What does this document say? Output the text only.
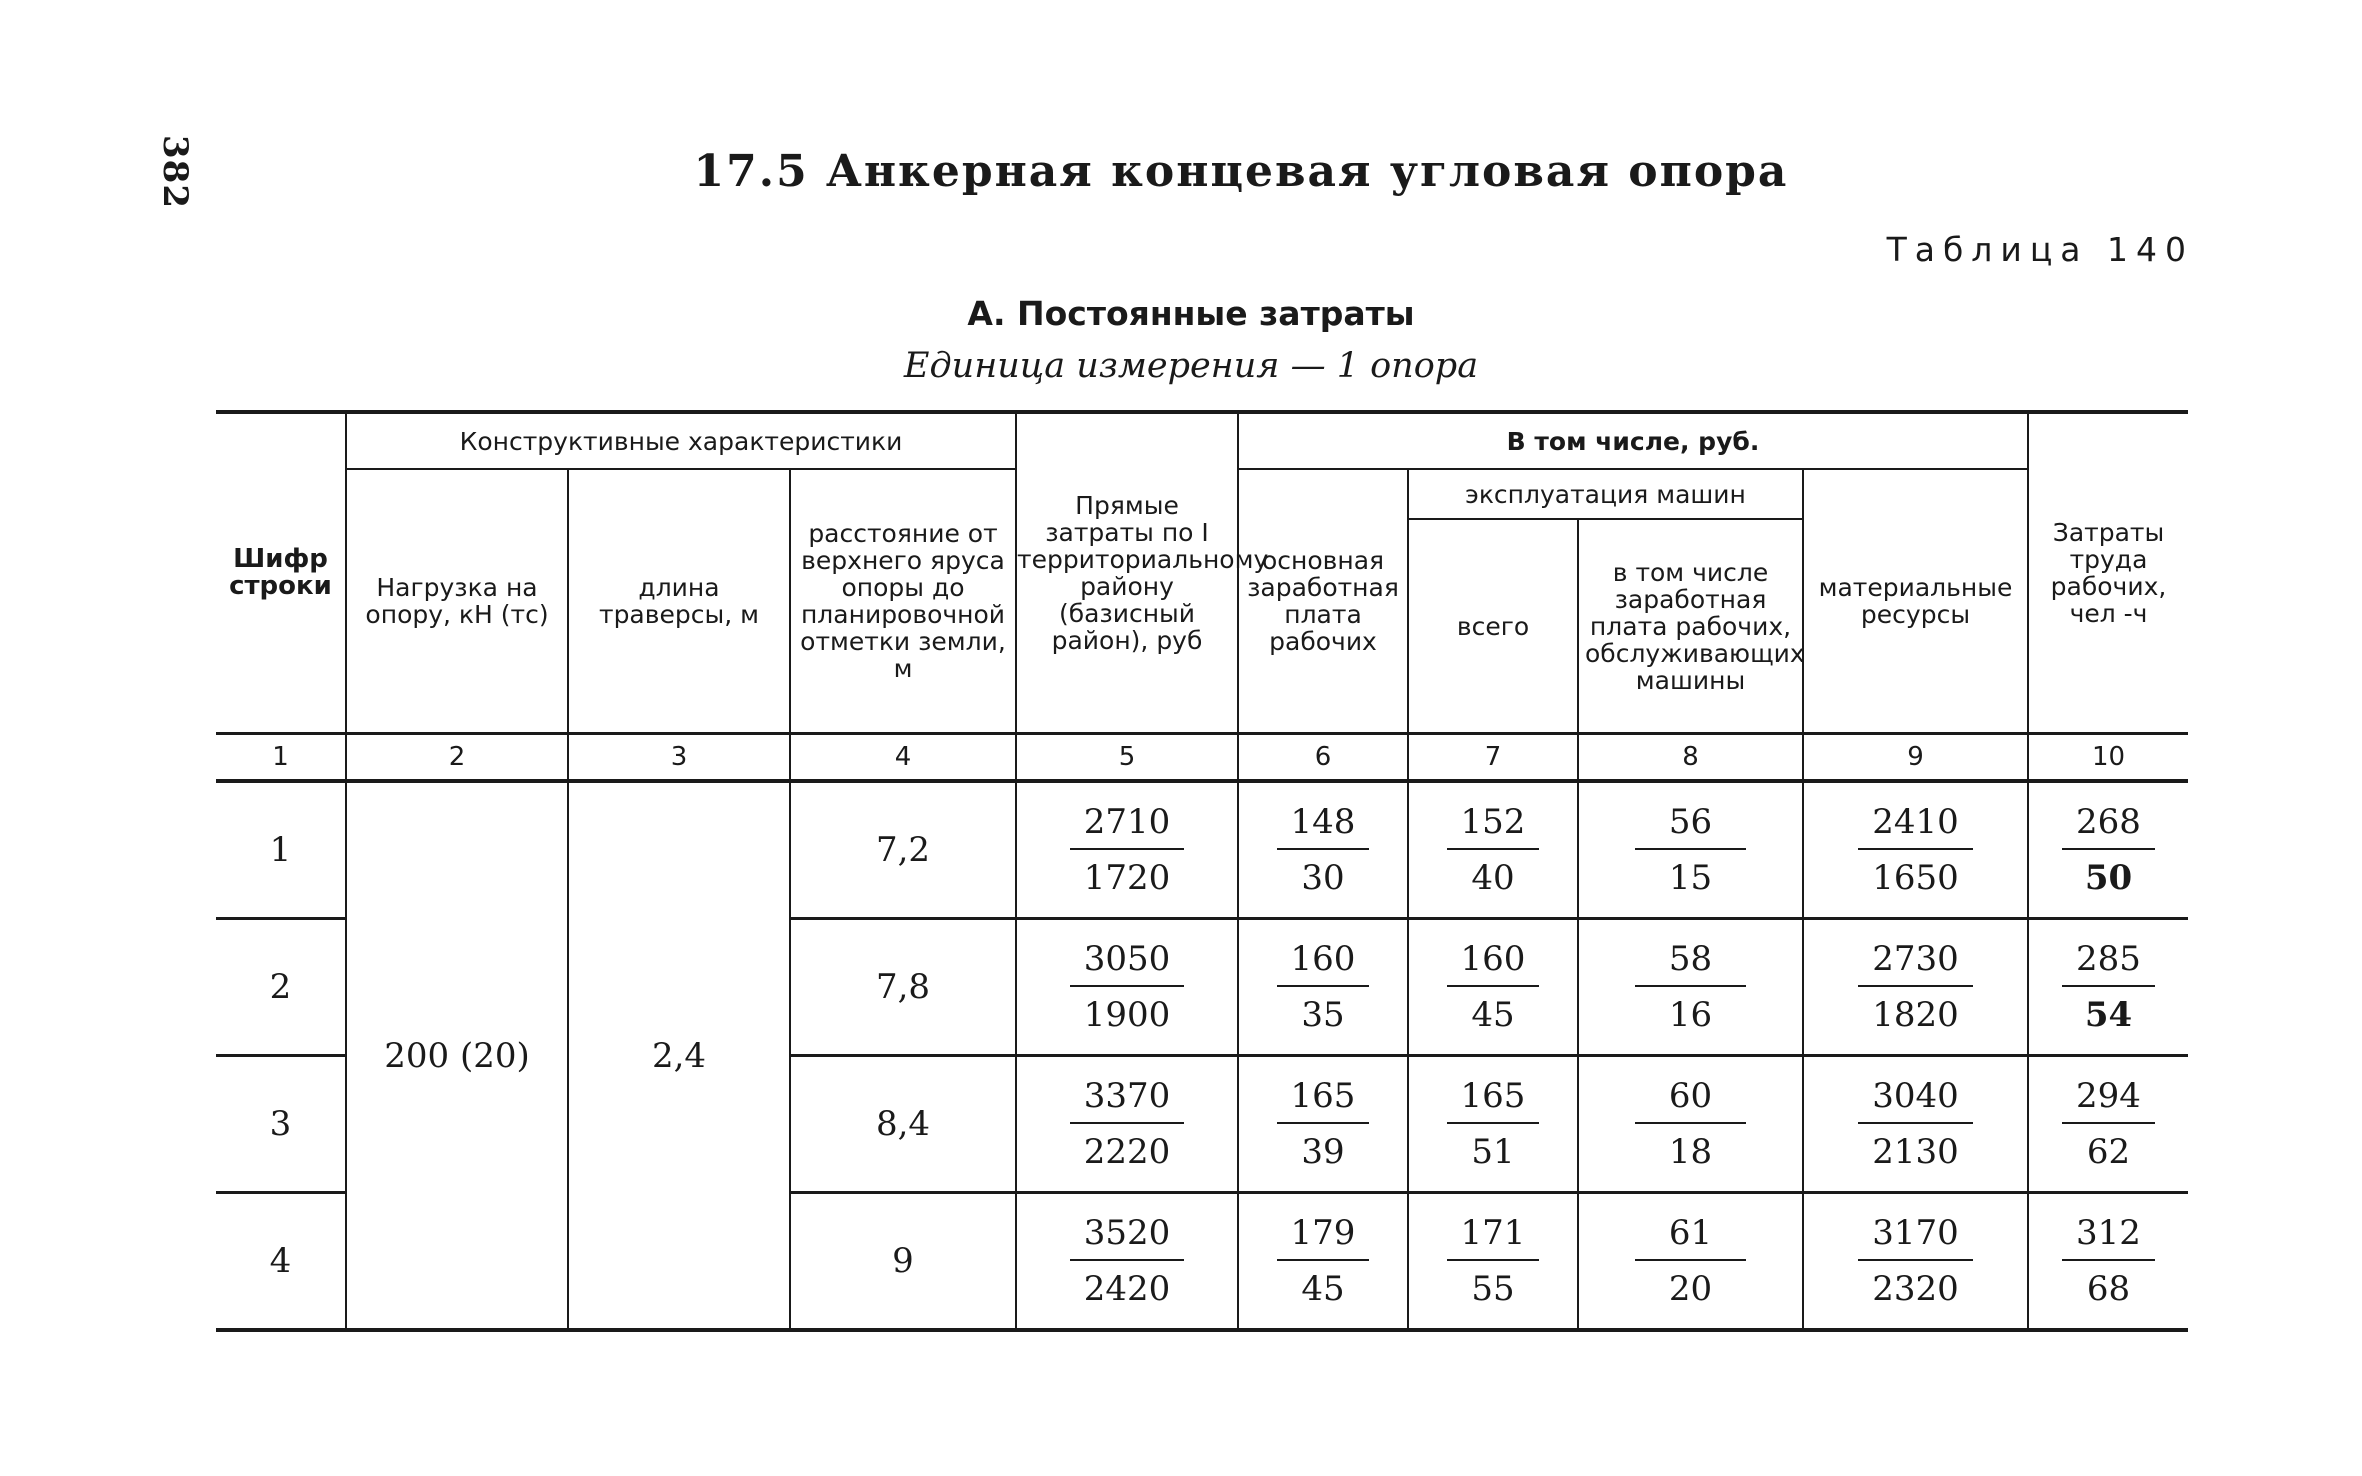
382	17.5 Анкерная концевая угловая опора
Таблица 140
А. Постоянные затраты
Единица измерения — 1 опора
Шифр строки	Конструктивные характеристики			Прямые затраты по I территориальному району (базисный район), руб	В том числе, руб.				Затраты труда рабочих, чел -ч
	Нагрузка на опору, кН (тс)	длина траверсы, м	расстояние от верхнего яруса опоры до планировочной отметки земли, м		основная заработная плата рабочих	эксплуатация машин		материальные ресурсы	
						всего	в том числе заработная плата рабочих, обслуживающих машины		
1	2	3	4	5	6	7	8	9	10
1	200 (20)	2,4	7,2	$\frac{2710}{1720}$	$\frac{148}{30}$	$\frac{152}{40}$	$\frac{56}{15}$	$\frac{2410}{1650}$	$\frac{268}{50}$

2			7,8	$\frac{3050}{1900}$	$\frac{160}{35}$	$\frac{160}{45}$	$\frac{58}{16}$	$\frac{2730}{1820}$	$\frac{285}{54}$

3			8,4	$\frac{3370}{2220}$	$\frac{165}{39}$	$\frac{165}{51}$	$\frac{60}{18}$	$\frac{3040}{2130}$	$\frac{294}{62}$

4			9	$\frac{3520}{2420}$	$\frac{179}{45}$	$\frac{171}{55}$	$\frac{61}{20}$	$\frac{3170}{2320}$	$\frac{312}{68}$
